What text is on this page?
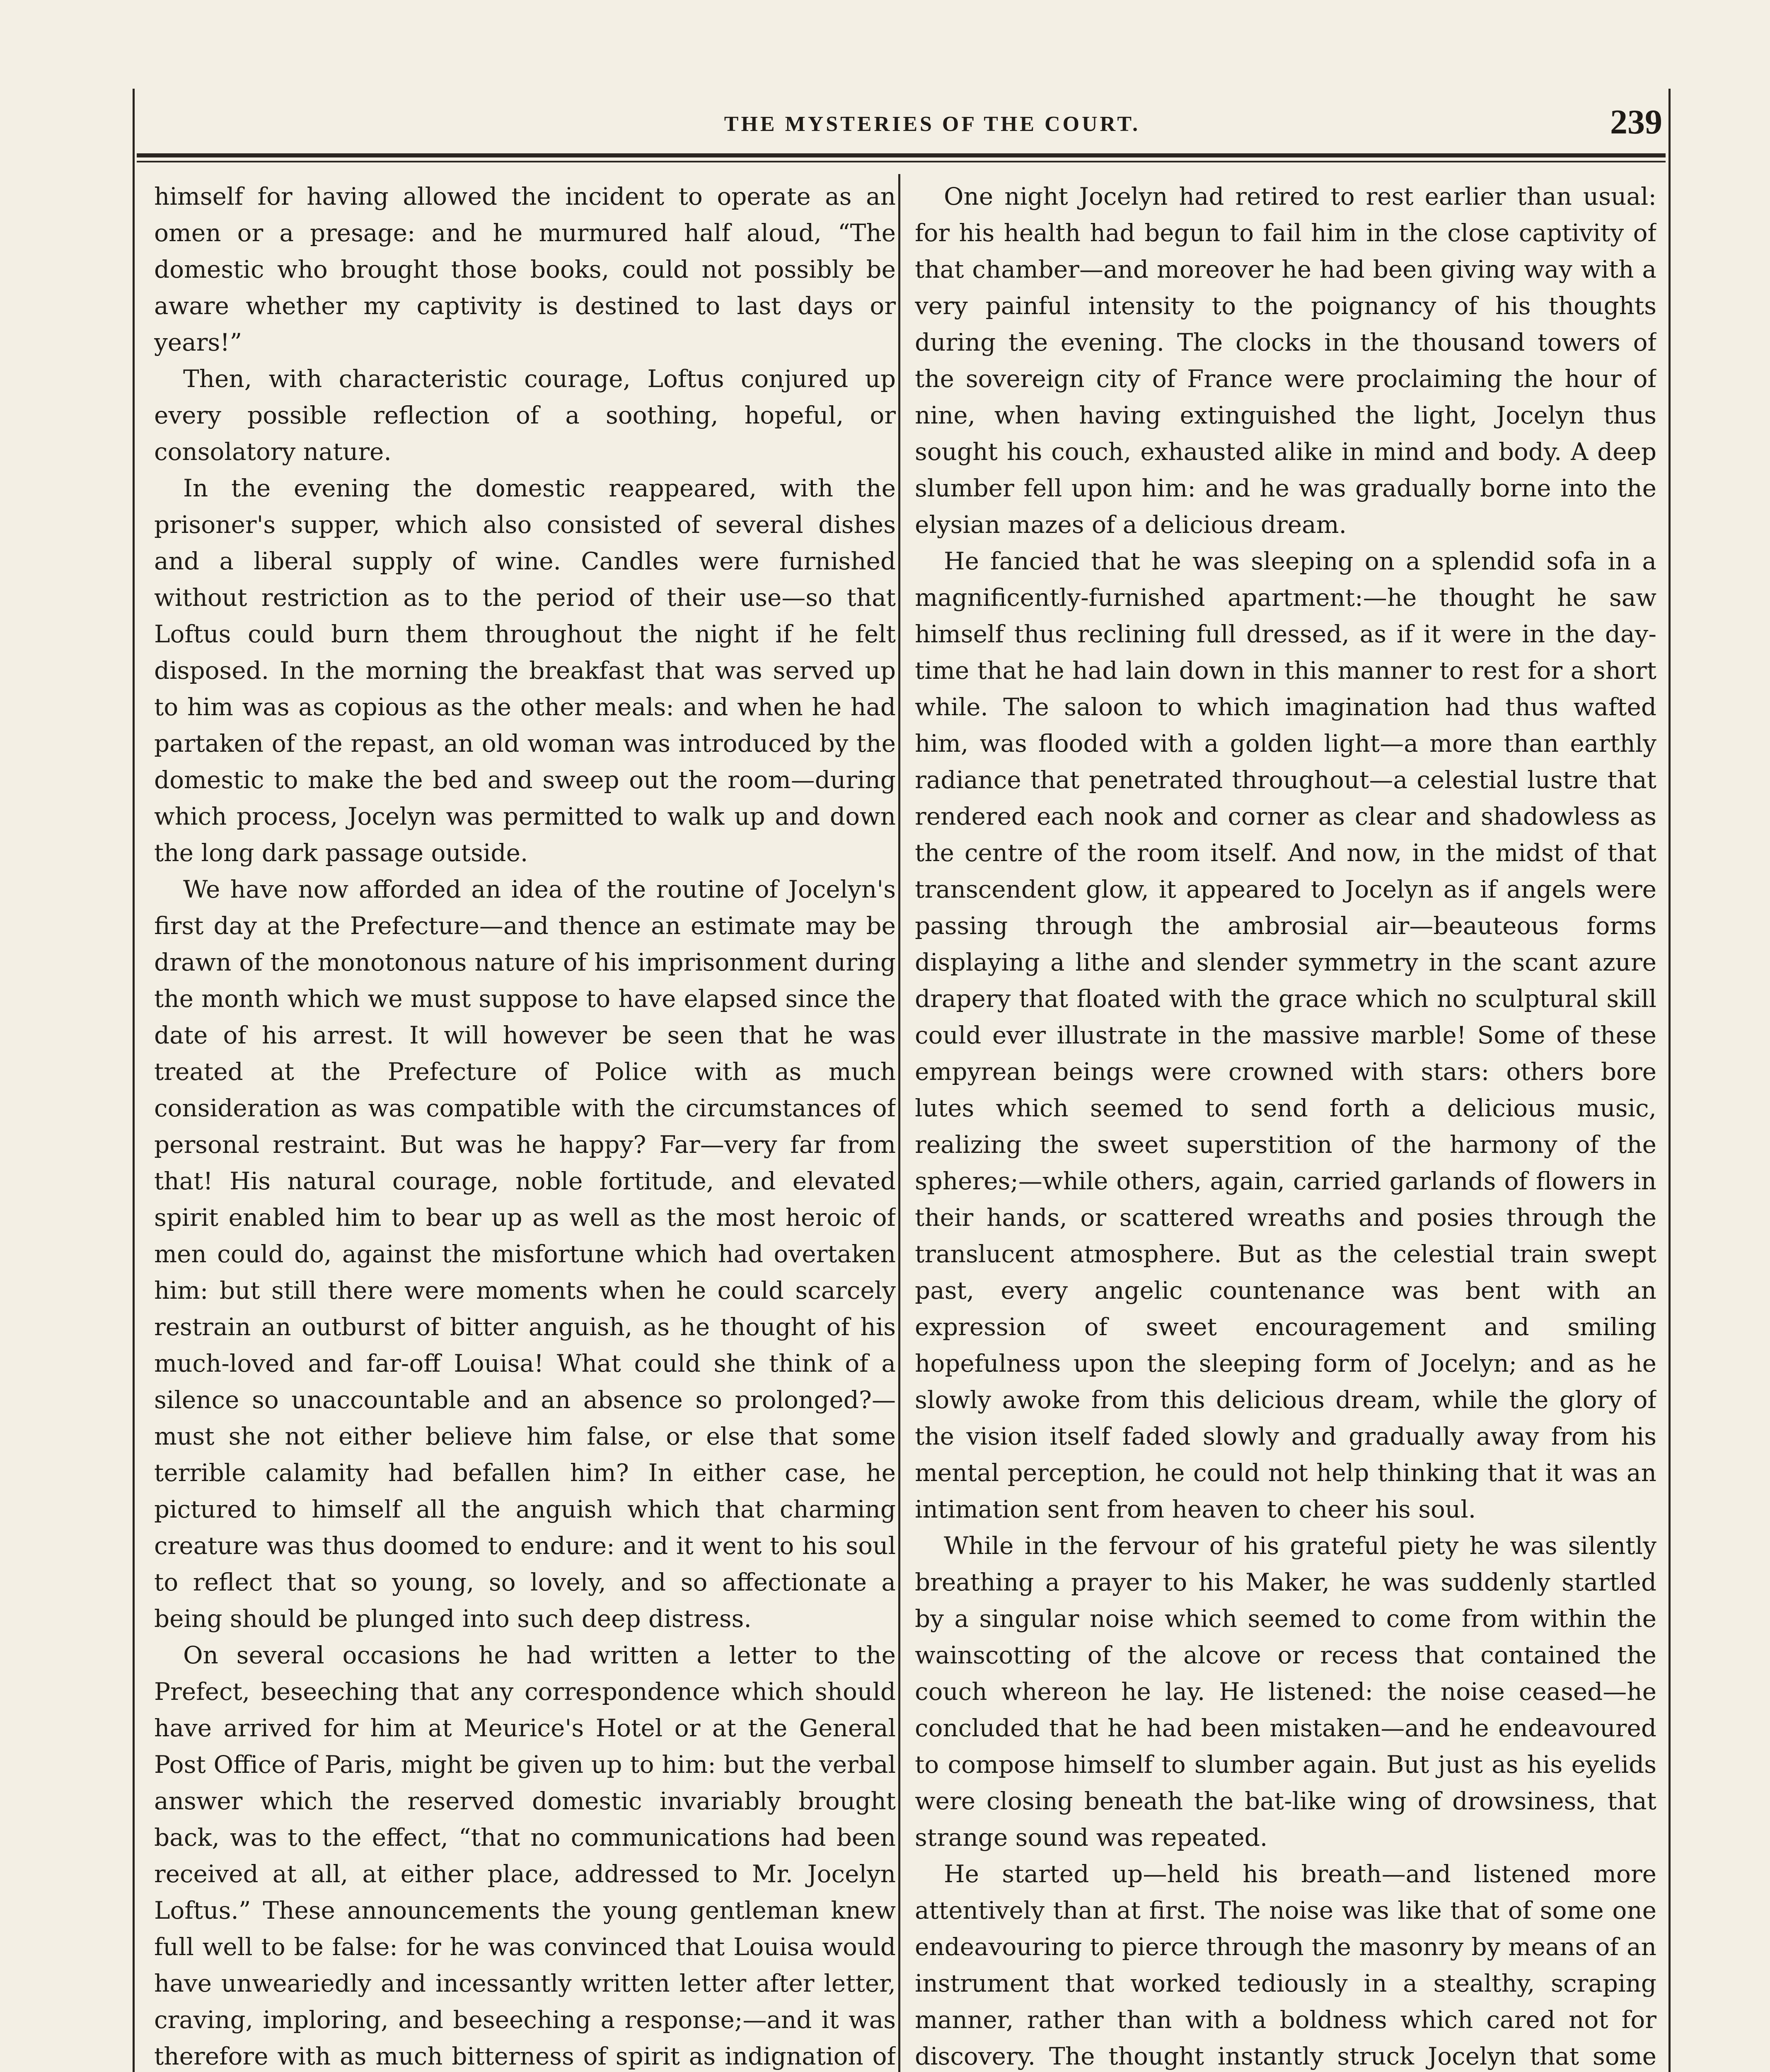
THE MYSTERIES OF THE COURT.	239

himself for having allowed the incident to operate as an omen or a presage: and he murmured half aloud, “The domestic who brought those books, could not possibly be aware whether my captivity is destined to last days or years!”

Then, with characteristic courage, Loftus conjured up every possible reflection of a soothing, hopeful, or consolatory nature.

In the evening the domestic reappeared, with the prisoner's supper, which also consisted of several dishes and a liberal supply of wine. Candles were furnished without restriction as to the period of their use—so that Loftus could burn them throughout the night if he felt disposed. In the morning the breakfast that was served up to him was as copious as the other meals: and when he had partaken of the repast, an old woman was introduced by the domestic to make the bed and sweep out the room—during which process, Jocelyn was permitted to walk up and down the long dark passage outside.

We have now afforded an idea of the routine of Jocelyn's first day at the Prefecture—and thence an estimate may be drawn of the monotonous nature of his imprisonment during the month which we must suppose to have elapsed since the date of his arrest. It will however be seen that he was treated at the Prefecture of Police with as much consideration as was compatible with the circumstances of personal restraint. But was he happy? Far—very far from that! His natural courage, noble fortitude, and elevated spirit enabled him to bear up as well as the most heroic of men could do, against the misfortune which had overtaken him: but still there were moments when he could scarcely restrain an outburst of bitter anguish, as he thought of his much-loved and far-off Louisa! What could she think of a silence so unaccountable and an absence so prolonged?—must she not either believe him false, or else that some terrible calamity had befallen him? In either case, he pictured to himself all the anguish which that charming creature was thus doomed to endure: and it went to his soul to reflect that so young, so lovely, and so affectionate a being should be plunged into such deep distress.

On several occasions he had written a letter to the Prefect, beseeching that any correspondence which should have arrived for him at Meurice's Hotel or at the General Post Office of Paris, might be given up to him: but the verbal answer which the reserved domestic invariably brought back, was to the effect, “that no communications had been received at all, at either place, addressed to Mr. Jocelyn Loftus.” These announcements the young gentleman knew full well to be false: for he was convinced that Louisa would have unweariedly and incessantly written letter after letter, craving, imploring, and beseeching a response;—and it was therefore with as much bitterness of spirit as indignation of

One night Jocelyn had retired to rest earlier than usual: for his health had begun to fail him in the close captivity of that chamber—and moreover he had been giving way with a very painful intensity to the poignancy of his thoughts during the evening. The clocks in the thousand towers of the sovereign city of France were proclaiming the hour of nine, when having extinguished the light, Jocelyn thus sought his couch, exhausted alike in mind and body. A deep slumber fell upon him: and he was gradually borne into the elysian mazes of a delicious dream.

He fancied that he was sleeping on a splendid sofa in a magnificently-furnished apartment:—he thought he saw himself thus reclining full dressed, as if it were in the day-time that he had lain down in this manner to rest for a short while. The saloon to which imagination had thus wafted him, was flooded with a golden light—a more than earthly radiance that penetrated throughout—a celestial lustre that rendered each nook and corner as clear and shadowless as the centre of the room itself. And now, in the midst of that transcendent glow, it appeared to Jocelyn as if angels were passing through the ambrosial air—beauteous forms displaying a lithe and slender symmetry in the scant azure drapery that floated with the grace which no sculptural skill could ever illustrate in the massive marble! Some of these empyrean beings were crowned with stars: others bore lutes which seemed to send forth a delicious music, realizing the sweet superstition of the harmony of the spheres;—while others, again, carried garlands of flowers in their hands, or scattered wreaths and posies through the translucent atmosphere. But as the celestial train swept past, every angelic countenance was bent with an expression of sweet encouragement and smiling hopefulness upon the sleeping form of Jocelyn; and as he slowly awoke from this delicious dream, while the glory of the vision itself faded slowly and gradually away from his mental perception, he could not help thinking that it was an intimation sent from heaven to cheer his soul.

While in the fervour of his grateful piety he was silently breathing a prayer to his Maker, he was suddenly startled by a singular noise which seemed to come from within the wainscotting of the alcove or recess that contained the couch whereon he lay. He listened: the noise ceased—he concluded that he had been mistaken—and he endeavoured to compose himself to slumber again. But just as his eyelids were closing beneath the bat-like wing of drowsiness, that strange sound was repeated.

He started up—held his breath—and listened more attentively than at first. The noise was like that of some one endeavouring to pierce through the masonry by means of an instrument that worked tediously in a stealthy, scraping manner, rather than with a boldness which cared not for discovery. The thought instantly struck Jocelyn that some
